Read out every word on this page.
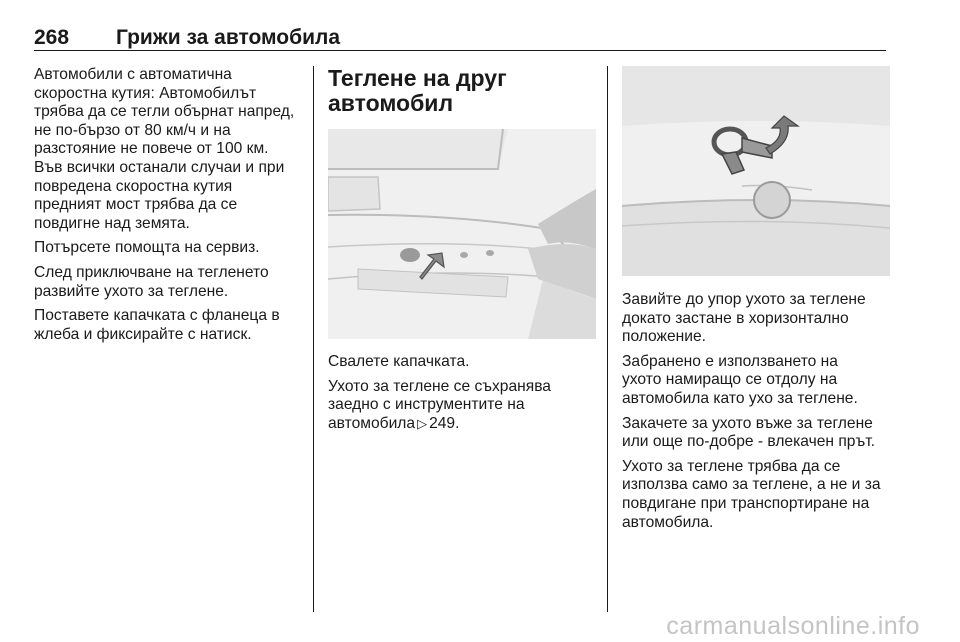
268 Грижи за автомобила

Автомобили с автоматична
скоростна кутия: Автомобилът
трябва да се тегли обърнат напред,
не по-бързо от 80 км/ч и на
разстояние не повече от 100 км.
Във всички останали случаи и при
повредена скоростна кутия
предният мост трябва да се
повдигне над земята.

Потърсете помощта на сервиз.

След приключване на тегленето
развийте ухото за теглене.

Поставете капачката с фланеца в
жлеба и фиксирайте с натиск.

Теглене на друг
автомобил

Свалете капачката.

Ухото за теглене се съхранява
заедно с инструментите на
автомобила ▷ 249.

Завийте до упор ухото за теглене
докато застане в хоризонтално
положение.

Забранено е използването на
ухото намиращо се отдолу на
автомобила като ухо за теглене.

Закачете за ухото въже за теглене
или още по-добре - влекачен прът.

Ухото за теглене трябва да се
използва само за теглене, а не и за
повдигане при транспортиране на
автомобила.

carmanualsonline.info
